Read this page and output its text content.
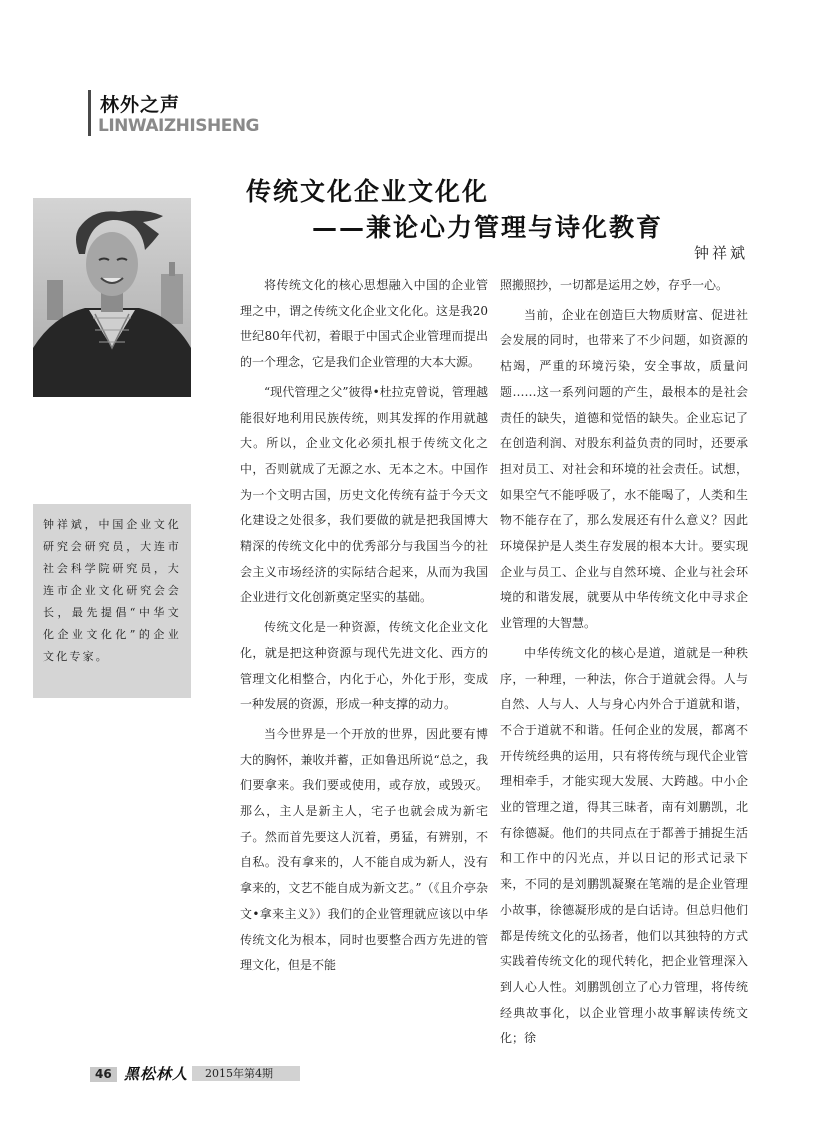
林外之声
LINWAIZHISHENG
传统文化企业文化化
——兼论心力管理与诗化教育
钟祥斌
钟祥斌，中国企业文化研究会研究员，大连市社会科学院研究员，大连市企业文化研究会会长，最先提倡“中华文化企业文化化”的企业文化专家。

将传统文化的核心思想融入中国的企业管理之中，谓之传统文化企业文化化。这是我20世纪80年代初，着眼于中国式企业管理而提出的一个理念，它是我们企业管理的大本大源。

“现代管理之父”彼得•杜拉克曾说，管理越能很好地利用民族传统，则其发挥的作用就越大。所以，企业文化必须扎根于传统文化之中，否则就成了无源之水、无本之木。中国作为一个文明古国，历史文化传统有益于今天文化建设之处很多，我们要做的就是把我国博大精深的传统文化中的优秀部分与我国当今的社会主义市场经济的实际结合起来，从而为我国企业进行文化创新奠定坚实的基础。

传统文化是一种资源，传统文化企业文化化，就是把这种资源与现代先进文化、西方的管理文化相整合，内化于心，外化于形，变成一种发展的资源，形成一种支撑的动力。

当今世界是一个开放的世界，因此要有博大的胸怀，兼收并蓄，正如鲁迅所说“总之，我们要拿来。我们要或使用，或存放，或毁灭。那么，主人是新主人，宅子也就会成为新宅子。然而首先要这人沉着，勇猛，有辨别，不自私。没有拿来的，人不能自成为新人，没有拿来的，文艺不能自成为新文艺。”（《且介亭杂文•拿来主义》）我们的企业管理就应该以中华传统文化为根本，同时也要整合西方先进的管理文化，但是不能

照搬照抄，一切都是运用之妙，存乎一心。

当前，企业在创造巨大物质财富、促进社会发展的同时，也带来了不少问题，如资源的枯竭，严重的环境污染，安全事故，质量问题……这一系列问题的产生，最根本的是社会责任的缺失，道德和觉悟的缺失。企业忘记了在创造利润、对股东利益负责的同时，还要承担对员工、对社会和环境的社会责任。试想，如果空气不能呼吸了，水不能喝了，人类和生物不能存在了，那么发展还有什么意义？因此环境保护是人类生存发展的根本大计。要实现企业与员工、企业与自然环境、企业与社会环境的和谐发展，就要从中华传统文化中寻求企业管理的大智慧。

中华传统文化的核心是道，道就是一种秩序，一种理，一种法，你合于道就会得。人与自然、人与人、人与身心内外合于道就和谐，不合于道就不和谐。任何企业的发展，都离不开传统经典的运用，只有将传统与现代企业管理相牵手，才能实现大发展、大跨越。中小企业的管理之道，得其三昧者，南有刘鹏凯，北有徐德凝。他们的共同点在于都善于捕捉生活和工作中的闪光点，并以日记的形式记录下来，不同的是刘鹏凯凝聚在笔端的是企业管理小故事，徐德凝形成的是白话诗。但总归他们都是传统文化的弘扬者，他们以其独特的方式实践着传统文化的现代转化，把企业管理深入到人心人性。刘鹏凯创立了心力管理，将传统经典故事化，以企业管理小故事解读传统文化；徐

46 黑松林人 2015年第4期
